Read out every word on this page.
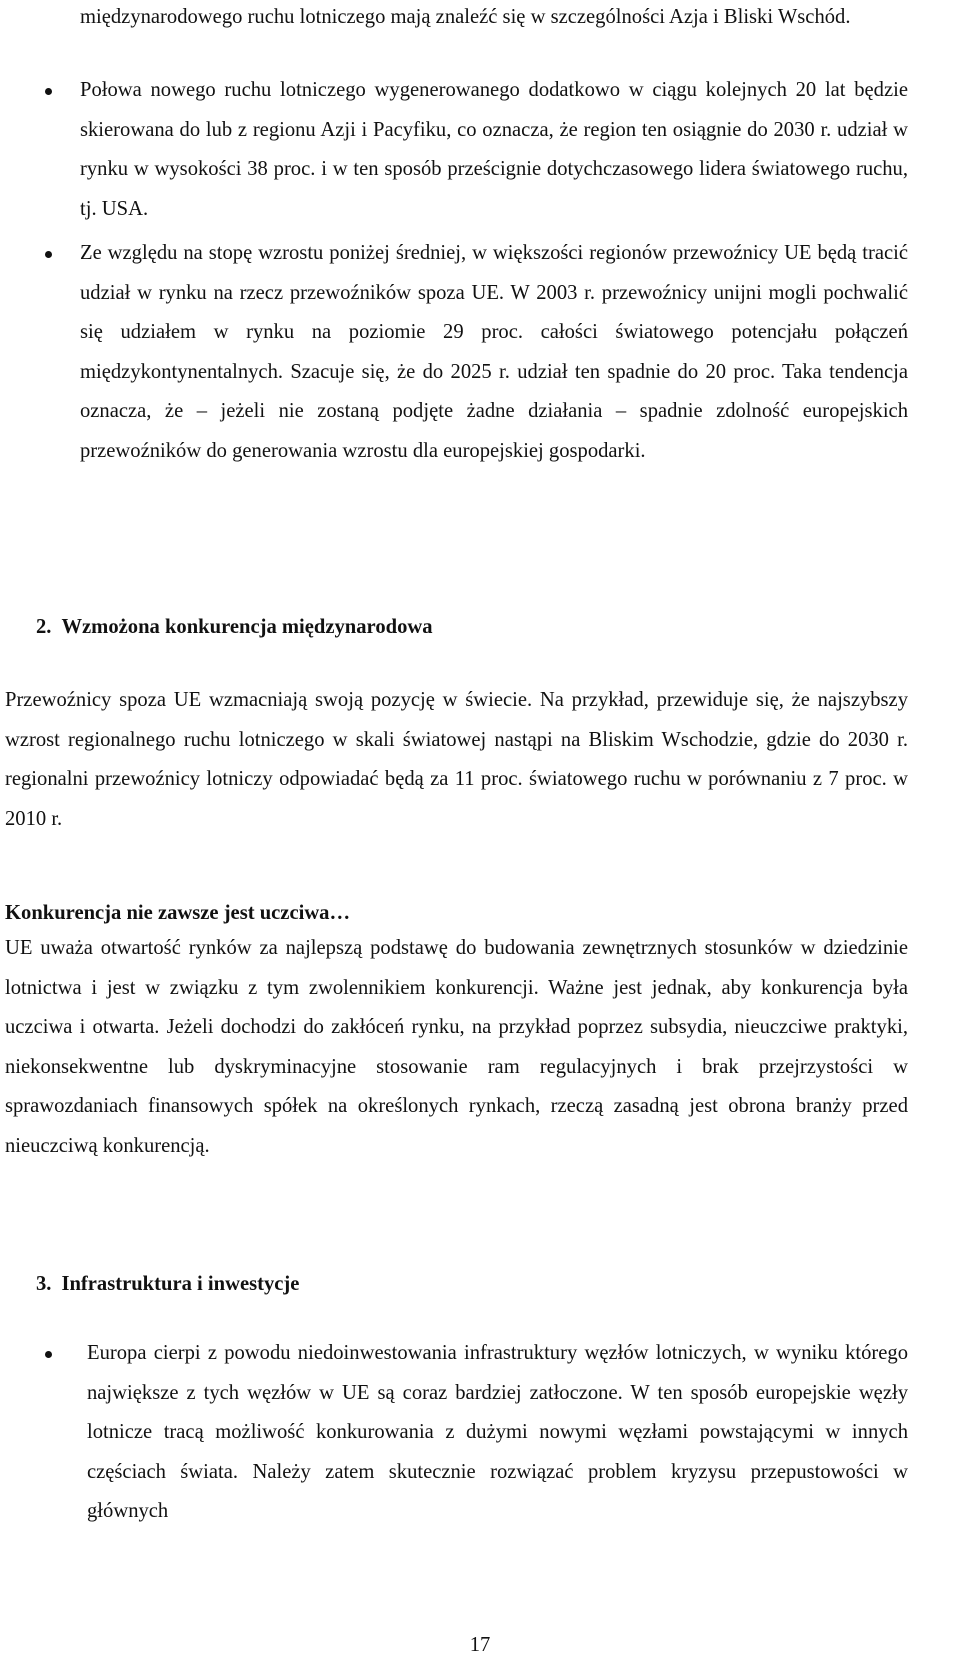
międzynarodowego ruchu lotniczego mają znaleźć się w szczególności Azja i Bliski Wschód.

Połowa nowego ruchu lotniczego wygenerowanego dodatkowo w ciągu kolejnych 20 lat będzie skierowana do lub z regionu Azji i Pacyfiku, co oznacza, że region ten osiągnie do 2030 r. udział w rynku w wysokości 38 proc. i w ten sposób prześcignie dotychczasowego lidera światowego ruchu, tj. USA.

Ze względu na stopę wzrostu poniżej średniej, w większości regionów przewoźnicy UE będą tracić udział w rynku na rzecz przewoźników spoza UE. W 2003 r. przewoźnicy unijni mogli pochwalić się udziałem w rynku na poziomie 29 proc. całości światowego potencjału połączeń międzykontynentalnych. Szacuje się, że do 2025 r. udział ten spadnie do 20 proc. Taka tendencja oznacza, że – jeżeli nie zostaną podjęte żadne działania – spadnie zdolność europejskich przewoźników do generowania wzrostu dla europejskiej gospodarki.

2. Wzmożona konkurencja międzynarodowa

Przewoźnicy spoza UE wzmacniają swoją pozycję w świecie. Na przykład, przewiduje się, że najszybszy wzrost regionalnego ruchu lotniczego w skali światowej nastąpi na Bliskim Wschodzie, gdzie do 2030 r. regionalni przewoźnicy lotniczy odpowiadać będą za 11 proc. światowego ruchu w porównaniu z 7 proc. w 2010 r.

Konkurencja nie zawsze jest uczciwa…

UE uważa otwartość rynków za najlepszą podstawę do budowania zewnętrznych stosunków w dziedzinie lotnictwa i jest w związku z tym zwolennikiem konkurencji. Ważne jest jednak, aby konkurencja była uczciwa i otwarta. Jeżeli dochodzi do zakłóceń rynku, na przykład poprzez subsydia, nieuczciwe praktyki, niekonsekwentne lub dyskryminacyjne stosowanie ram regulacyjnych i brak przejrzystości w sprawozdaniach finansowych spółek na określonych rynkach, rzeczą zasadną jest obrona branży przed nieuczciwą konkurencją.

3. Infrastruktura i inwestycje

Europa cierpi z powodu niedoinwestowania infrastruktury węzłów lotniczych, w wyniku którego największe z tych węzłów w UE są coraz bardziej zatłoczone. W ten sposób europejskie węzły lotnicze tracą możliwość konkurowania z dużymi nowymi węzłami powstającymi w innych częściach świata. Należy zatem skutecznie rozwiązać problem kryzysu przepustowości w głównych

17
